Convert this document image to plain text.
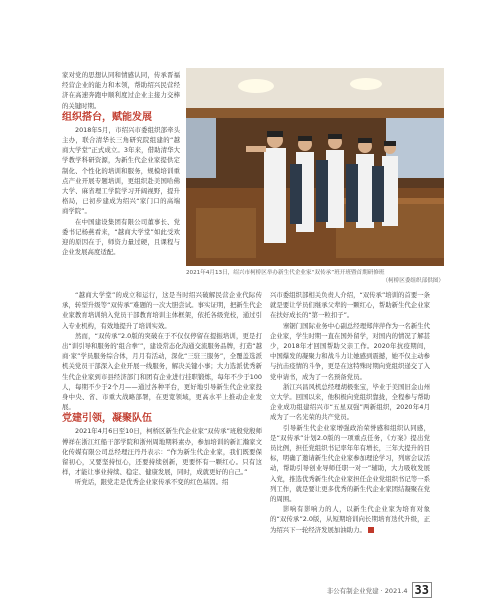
家对党的思想认同和情感认同，传承晋福经营企业的能力和本领，帮助绍兴民营经济在高速奔跑中顺利度过企业主接力交棒的关键时期。

组织搭台，赋能发展

2018年5月，市绍兴市委组织部牵头主办，联合清华长三角研究院组建的“越商大学堂”正式成立。3年来，借助清华大学教学科研资源，为新生代企业家提供定制化、个性化的培训和服务，规模培训重点产业开展专题培训，更组织赴美国哈佛大学、麻省理工学院学习开阔视野，提升格局，已初步建成为绍兴“家门口的高端商学院”。

在中国建设集团有限公司董事长、党委书记杨燕看来，“越商大学堂”如此受欢迎的原因在于，师资力量过硬，且课程与企业发展高度适配。

2021年4月13日，绍兴市柯桥区举办新生代企业家“双传承”班开班暨首期研修班
（柯桥区委组织部供图）

“越商大学堂”的成立和运行，这是当时绍兴破解民营企业代际传承，转型升级等“双传承”难题的一次大胆尝试。事实证明，把新生代企业家教育培训纳入党员干部教育培训主体框架，依托各级党校，通过引入专业机构，有效地提升了培训实效。

然而，“双传承”2.0版的突破在于不仅仅停留在提振培训，更是打出“训引导和服务的‘组合拳’”，建设常态化沟通交流服务品牌，打造“越商·家”学员服务综合体，月月有活动，深化“三驻三服务”，全覆盖选派机关党员干部深入企业开展一线服务，解决关键小事；大力选派优秀新生代企业家到市县经济部门和团有企业进行挂职锻炼，每年不少于100人，每期不少于2个月——通过各种平台，更好地引导新生代企业家投身中央、省、市重大战略部署，在更宽领域，更高水平上推动企业发展。

党建引领，凝聚队伍

2021年4月6日至10日，柯桥区新生代企业家“双传承”班殷党殷师傅祥在浙江红船干部学院和浙州周地期料素办，参加培训的新汇瀚家文化传媒有限公司总经理汪丹丹表示：“作为新生代企业家，我们既要保留初心，又要坚持恒心，还要持续创新，更要怀有一颗红心。只有这样，才能让事业持续、稳定、健康发展，同时，成就更好的自己。”

听党话，跟党走是优秀企业家传承不变的红色基因。绍

兴市委组织部相关负责人介绍，“双传承”培训的首要一条就是要让学员们继承父辈的一颗红心，帮助新生代企业家在扶好成长的“第一粒扣子”。

寨锯门国际业务中心副总经理郑萍萍作为一名新生代企业家，学生时期一直在国外留学，对国内的情况了解甚少，2018年才回国帮助父亲工作。2020年抗疫期间，中国爆发的凝聚力和战斗力让她感到震撼，她不仅主动参与抗击疫情的斗争，更是在这特殊时期向党组织递交了入党申请书，成为了一名预备党员。

浙江兴昌风机总经理胡极张宝，毕业于美国旧金山州立大学。回国以来，他积极向党组织靠拢，全程参与帮助企业成功组建绍兴市“五星双强”两新组织，2020年4月成为了一名光荣的共产党员。

引导新生代企业家增强政治荣誉感和组织认同感，是“双传承”计划2.0版的一项重点任务，《方案》提出党员比例，担任党组织书记率年年有增长，三年大提升的目标，明确了邀请新生代企业家参加理论学习，列席会议活动，帮助引导创业导师任职一对一”辅助，大力吸收发展入党，推选优秀新生代企业家担任企业党组织书记等一系列工作，就是要让更多优秀的新生代企业家团结凝聚在党的周围。

影响有影响力的人，以新生代企业家为培育对象的“双传承”2.0版，从短期培训向长期培育迭代升级，正为绍兴下一轮经济发展加油助力。

非公有制企业党建 · 2021.4 33
